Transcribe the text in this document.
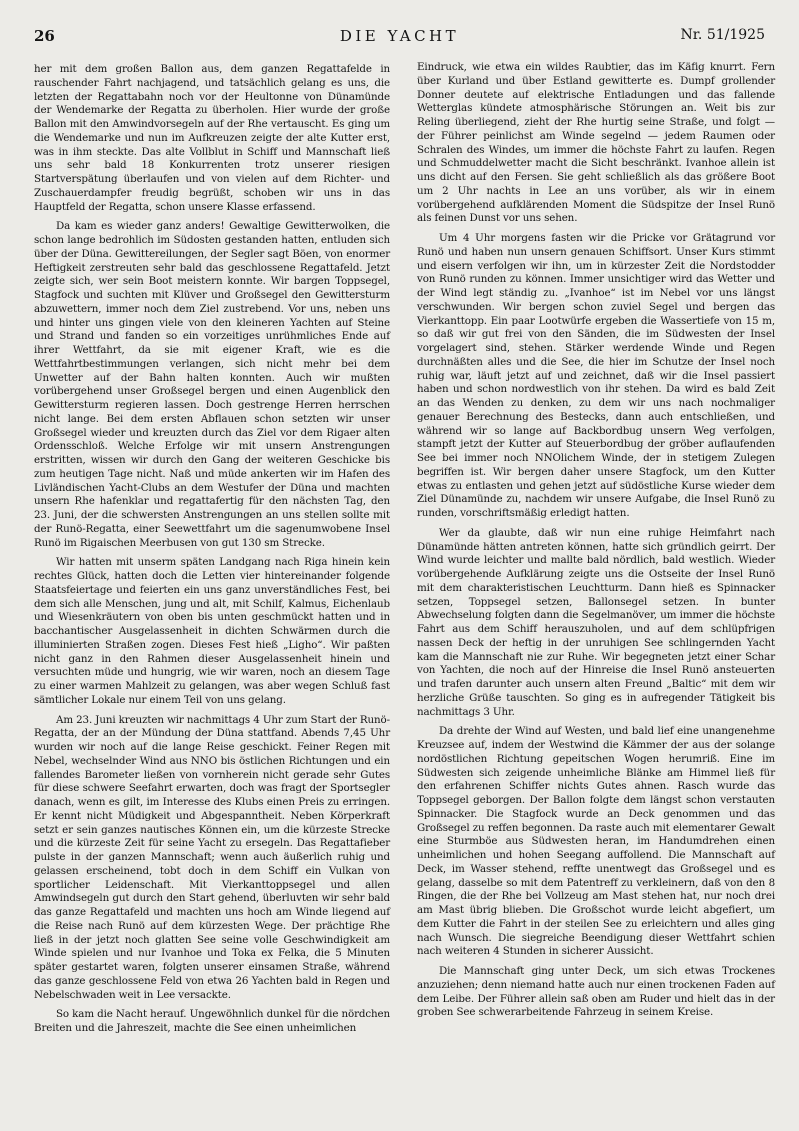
26	DIE YACHT	Nr. 51/1925

her mit dem großen Ballon aus, dem ganzen Regattafelde in rauschender Fahrt nachjagend, und tatsächlich gelang es uns, die letzten der Regattabahn noch vor der Heultonne von Dünamünde der Wendemarke der Regatta zu überholen. Hier wurde der große Ballon mit den Amwindvorsegeln auf der Rhe vertauscht. Es ging um die Wendemarke und nun im Aufkreuzen zeigte der alte Kutter erst, was in ihm steckte. Das alte Vollblut in Schiff und Mannschaft ließ uns sehr bald 18 Konkurrenten trotz unserer riesigen Startverspätung überlaufen und von vielen auf dem Richter- und Zuschauerdampfer freudig begrüßt, schoben wir uns in das Hauptfeld der Regatta, schon unsere Klasse erfassend.

Da kam es wieder ganz anders! Gewaltige Gewitterwolken, die schon lange bedrohlich im Südosten gestanden hatten, entluden sich über der Düna. Gewittereilungen, der Segler sagt Böen, von enormer Heftigkeit zerstreuten sehr bald das geschlossene Regattafeld. Jetzt zeigte sich, wer sein Boot meistern konnte. Wir bargen Toppsegel, Stagfock und suchten mit Klüver und Großsegel den Gewittersturm abzuwettern, immer noch dem Ziel zustrebend. Vor uns, neben uns und hinter uns gingen viele von den kleineren Yachten auf Steine und Strand und fanden so ein vorzeitiges unrühmliches Ende auf ihrer Wettfahrt, da sie mit eigener Kraft, wie es die Wettfahrtbestimmungen verlangen, sich nicht mehr bei dem Unwetter auf der Bahn halten konnten. Auch wir mußten vorübergehend unser Großsegel bergen und einen Augenblick den Gewittersturm regieren lassen. Doch gestrenge Herren herrschen nicht lange. Bei dem ersten Abflauen schon setzten wir unser Großsegel wieder und kreuzten durch das Ziel vor dem Rigaer alten Ordensschloß. Welche Erfolge wir mit unsern Anstrengungen erstritten, wissen wir durch den Gang der weiteren Geschicke bis zum heutigen Tage nicht. Naß und müde ankerten wir im Hafen des Livländischen Yacht-Clubs an dem Westufer der Düna und machten unsern Rhe hafenklar und regattafertig für den nächsten Tag, den 23. Juni, der die schwersten Anstrengungen an uns stellen sollte mit der Runö-Regatta, einer Seewettfahrt um die sagenumwobene Insel Runö im Rigaischen Meerbusen von gut 130 sm Strecke.

Wir hatten mit unserm späten Landgang nach Riga hinein kein rechtes Glück, hatten doch die Letten vier hintereinander folgende Staatsfeiertage und feierten ein uns ganz unverständliches Fest, bei dem sich alle Menschen, jung und alt, mit Schilf, Kalmus, Eichenlaub und Wiesenkräutern von oben bis unten geschmückt hatten und in bacchantischer Ausgelassenheit in dichten Schwärmen durch die illuminierten Straßen zogen. Dieses Fest hieß „Ligho“. Wir paßten nicht ganz in den Rahmen dieser Ausgelassenheit hinein und versuchten müde und hungrig, wie wir waren, noch an diesem Tage zu einer warmen Mahlzeit zu gelangen, was aber wegen Schluß fast sämtlicher Lokale nur einem Teil von uns gelang.

Am 23. Juni kreuzten wir nachmittags 4 Uhr zum Start der Runö-Regatta, der an der Mündung der Düna stattfand. Abends 7,45 Uhr wurden wir noch auf die lange Reise geschickt. Feiner Regen mit Nebel, wechselnder Wind aus NNO bis östlichen Richtungen und ein fallendes Barometer ließen von vornherein nicht gerade sehr Gutes für diese schwere Seefahrt erwarten, doch was fragt der Sportsegler danach, wenn es gilt, im Interesse des Klubs einen Preis zu erringen. Er kennt nicht Müdigkeit und Abgespanntheit. Neben Körperkraft setzt er sein ganzes nautisches Können ein, um die kürzeste Strecke und die kürzeste Zeit für seine Yacht zu ersegeln. Das Regattafieber pulste in der ganzen Mannschaft; wenn auch äußerlich ruhig und gelassen erscheinend, tobt doch in dem Schiff ein Vulkan von sportlicher Leidenschaft. Mit Vierkanttoppsegel und allen Amwindsegeln gut durch den Start gehend, überluvten wir sehr bald das ganze Regattafeld und machten uns hoch am Winde liegend auf die Reise nach Runö auf dem kürzesten Wege. Der prächtige Rhe ließ in der jetzt noch glatten See seine volle Geschwindigkeit am Winde spielen und nur Ivanhoe und Toka ex Felka, die 5 Minuten später gestartet waren, folgten unserer einsamen Straße, während das ganze geschlossene Feld von etwa 26 Yachten bald in Regen und Nebelschwaden weit in Lee versackte.

So kam die Nacht herauf. Ungewöhnlich dunkel für die nördchen Breiten und die Jahreszeit, machte die See einen unheimlichen

Eindruck, wie etwa ein wildes Raubtier, das im Käfig knurrt. Fern über Kurland und über Estland gewitterte es. Dumpf grollender Donner deutete auf elektrische Entladungen und das fallende Wetterglas kündete atmosphärische Störungen an. Weit bis zur Reling überliegend, zieht der Rhe hurtig seine Straße, und folgt — der Führer peinlichst am Winde segelnd — jedem Raumen oder Schralen des Windes, um immer die höchste Fahrt zu laufen. Regen und Schmuddelwetter macht die Sicht beschränkt. Ivanhoe allein ist uns dicht auf den Fersen. Sie geht schließlich als das größere Boot um 2 Uhr nachts in Lee an uns vorüber, als wir in einem vorübergehend aufklärenden Moment die Südspitze der Insel Runö als feinen Dunst vor uns sehen.

Um 4 Uhr morgens fasten wir die Pricke vor Grätagrund vor Runö und haben nun unsern genauen Schiffsort. Unser Kurs stimmt und eisern verfolgen wir ihn, um in kürzester Zeit die Nordstodder von Runö runden zu können. Immer unsichtiger wird das Wetter und der Wind legt ständig zu. „Ivanhoe“ ist im Nebel vor uns längst verschwunden. Wir bergen schon zuviel Segel und bergen das Vierkanttopp. Ein paar Lootwürfe ergeben die Wassertiefe von 15 m, so daß wir gut frei von den Sänden, die im Südwesten der Insel vorgelagert sind, stehen. Stärker werdende Winde und Regen durchnäßten alles und die See, die hier im Schutze der Insel noch ruhig war, läuft jetzt auf und zeichnet, daß wir die Insel passiert haben und schon nordwestlich von ihr stehen. Da wird es bald Zeit an das Wenden zu denken, zu dem wir uns nach nochmaliger genauer Berechnung des Bestecks, dann auch entschließen, und während wir so lange auf Backbordbug unsern Weg verfolgen, stampft jetzt der Kutter auf Steuerbordbug der gröber auflaufenden See bei immer noch NNOlichem Winde, der in stetigem Zulegen begriffen ist. Wir bergen daher unsere Stagfock, um den Kutter etwas zu entlasten und gehen jetzt auf südöstliche Kurse wieder dem Ziel Dünamünde zu, nachdem wir unsere Aufgabe, die Insel Runö zu runden, vorschriftsmäßig erledigt hatten.

Wer da glaubte, daß wir nun eine ruhige Heimfahrt nach Dünamünde hätten antreten können, hatte sich gründlich geirrt. Der Wind wurde leichter und mallte bald nördlich, bald westlich. Wieder vorübergehende Aufklärung zeigte uns die Ostseite der Insel Runö mit dem charakteristischen Leuchtturm. Dann hieß es Spinnacker setzen, Toppsegel setzen, Ballonsegel setzen. In bunter Abwechselung folgten dann die Segelmanöver, um immer die höchste Fahrt aus dem Schiff herauszuholen, und auf dem schlüpfrigen nassen Deck der heftig in der unruhigen See schlingernden Yacht kam die Mannschaft nie zur Ruhe. Wir begegneten jetzt einer Schar von Yachten, die noch auf der Hinreise die Insel Runö ansteuerten und trafen darunter auch unsern alten Freund „Baltic“ mit dem wir herzliche Grüße tauschten. So ging es in aufregender Tätigkeit bis nachmittags 3 Uhr.

Da drehte der Wind auf Westen, und bald lief eine unangenehme Kreuzsee auf, indem der Westwind die Kämmer der aus der solange nordöstlichen Richtung gepeitschen Wogen herumriß. Eine im Südwesten sich zeigende unheimliche Blänke am Himmel ließ für den erfahrenen Schiffer nichts Gutes ahnen. Rasch wurde das Toppsegel geborgen. Der Ballon folgte dem längst schon verstauten Spinnacker. Die Stagfock wurde an Deck genommen und das Großsegel zu reffen begonnen. Da raste auch mit elementarer Gewalt eine Sturmböe aus Südwesten heran, im Handumdrehen einen unheimlichen und hohen Seegang auffollend. Die Mannschaft auf Deck, im Wasser stehend, reffte unentwegt das Großsegel und es gelang, dasselbe so mit dem Patentreff zu verkleinern, daß von den 8 Ringen, die der Rhe bei Vollzeug am Mast stehen hat, nur noch drei am Mast übrig blieben. Die Großschot wurde leicht abgefiert, um dem Kutter die Fahrt in der steilen See zu erleichtern und alles ging nach Wunsch. Die siegreiche Beendigung dieser Wettfahrt schien nach weiteren 4 Stunden in sicherer Aussicht.

Die Mannschaft ging unter Deck, um sich etwas Trockenes anzuziehen; denn niemand hatte auch nur einen trockenen Faden auf dem Leibe. Der Führer allein saß oben am Ruder und hielt das in der groben See schwerarbeitende Fahrzeug in seinem Kreise.
